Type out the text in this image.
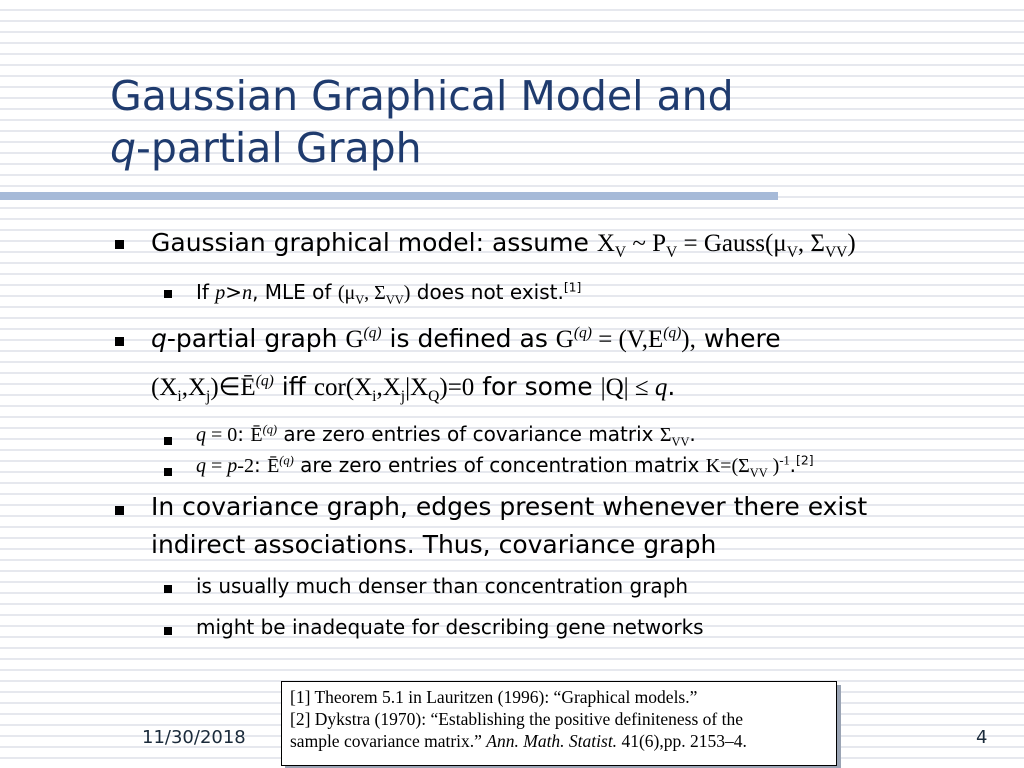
Gaussian Graphical Model and
q-partial Graph
Gaussian graphical model: assume $X_V$ ~ $P_V$ = $Gauss(\mu_V$, $\Sigma_{VV}$)
If p>n, MLE of ($\mu_V$, $\Sigma_{VV}$) does not exist.[1]
q-partial graph $G^{(q)}$ is defined as $G^{(q)} = (V,E^{(q)})$, where
$(X_i,X_j)\in Ē^{(q)}$ iff $cor(X_i,X_j|X_Q)=0$ for some |Q| ≤ q.
q = 0: $Ē^{(q)}$ are zero entries of covariance matrix $\Sigma_{VV}$.
q = p-2: $Ē^{(q)}$ are zero entries of concentration matrix $K=(\Sigma_{VV}$ )$^{-1}$.[2]
In covariance graph, edges present whenever there exist
indirect associations. Thus, covariance graph
is usually much denser than concentration graph
might be inadequate for describing gene networks
[1] Theorem 5.1 in Lauritzen (1996): “Graphical models.”
[2] Dykstra (1970): “Establishing the positive definiteness of the
sample covariance matrix.” Ann. Math. Statist. 41(6),pp. 2153–4.
11/30/2018	4
